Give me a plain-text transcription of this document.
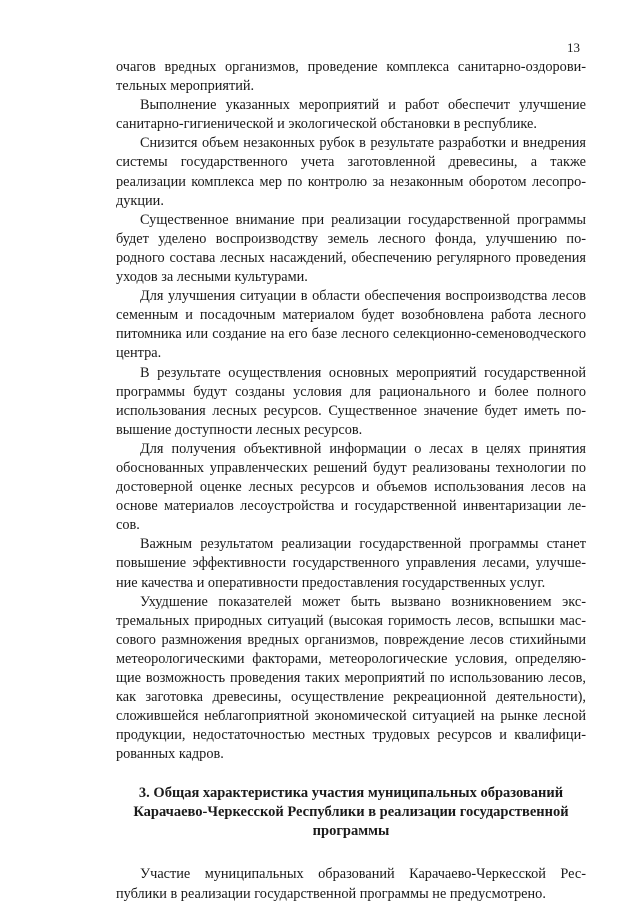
13

очагов вредных организмов, проведение комплекса санитарно-оздоровительных мероприятий.

Выполнение указанных мероприятий и работ обеспечит улучшение санитарно-гигиенической и экологической обстановки в республике.

Снизится объем незаконных рубок в результате разработки и внедрения системы государственного учета заготовленной древесины, а также реализации комплекса мер по контролю за незаконным оборотом лесопродукции.

Существенное внимание при реализации государственной программы будет уделено воспроизводству земель лесного фонда, улучшению породного состава лесных насаждений, обеспечению регулярного проведения уходов за лесными культурами.

Для улучшения ситуации в области обеспечения воспроизводства лесов семенным и посадочным материалом будет возобновлена работа лесного питомника или создание на его базе лесного селекционно-семеноводческого центра.

В результате осуществления основных мероприятий государственной программы будут созданы условия для рационального и более полного использования лесных ресурсов. Существенное значение будет иметь повышение доступности лесных ресурсов.

Для получения объективной информации о лесах в целях принятия обоснованных управленческих решений будут реализованы технологии по достоверной оценке лесных ресурсов и объемов использования лесов на основе материалов лесоустройства и государственной инвентаризации лесов.

Важным результатом реализации государственной программы станет повышение эффективности государственного управления лесами, улучшение качества и оперативности предоставления государственных услуг.

Ухудшение показателей может быть вызвано возникновением экстремальных природных ситуаций (высокая горимость лесов, вспышки массового размножения вредных организмов, повреждение лесов стихийными метеорологическими факторами, метеорологические условия, определяющие возможность проведения таких мероприятий по использованию лесов, как заготовка древесины, осуществление рекреационной деятельности), сложившейся неблагоприятной экономической ситуацией на рынке лесной продукции, недостаточностью местных трудовых ресурсов и квалифицированных кадров.

3. Общая характеристика участия муниципальных образований Карачаево-Черкесской Республики в реализации государственной программы

Участие муниципальных образований Карачаево-Черкесской Республики в реализации государственной программы не предусмотрено.
